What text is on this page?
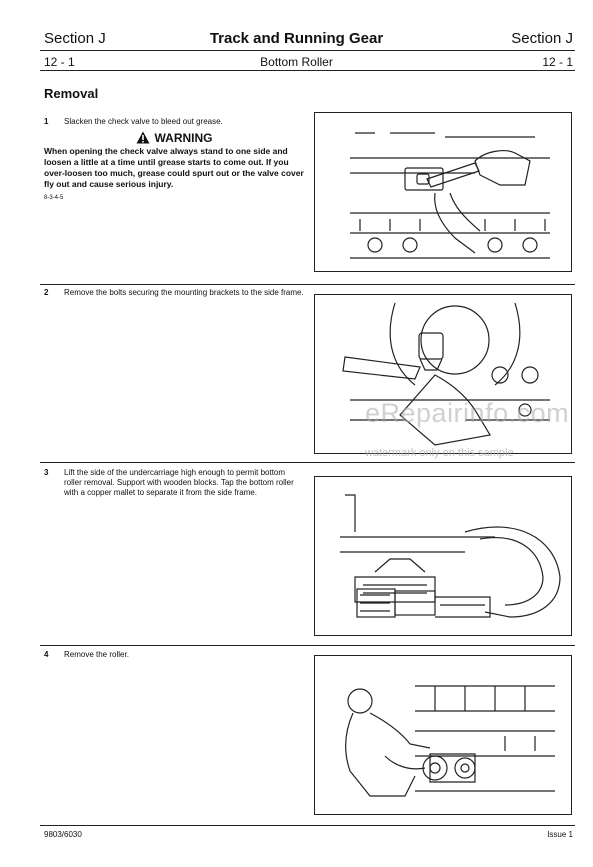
Section J	Track and Running Gear	Section J
12 - 1	Bottom Roller	12 - 1
Removal
1 Slacken the check valve to bleed out grease.
WARNING
When opening the check valve always stand to one side and loosen a little at a time until grease starts to come out. If you over-loosen too much, grease could spurt out or the valve cover fly out and cause serious injury.
8-3-4-5
2 Remove the bolts securing the mounting brackets to the side frame.
3 Lift the side of the undercarriage high enough to permit bottom roller removal. Support with wooden blocks. Tap the bottom roller with a copper mallet to separate it from the side frame.
4 Remove the roller.
eRepairinfo.com
watermark only on this sample
9803/6030	Issue 1
